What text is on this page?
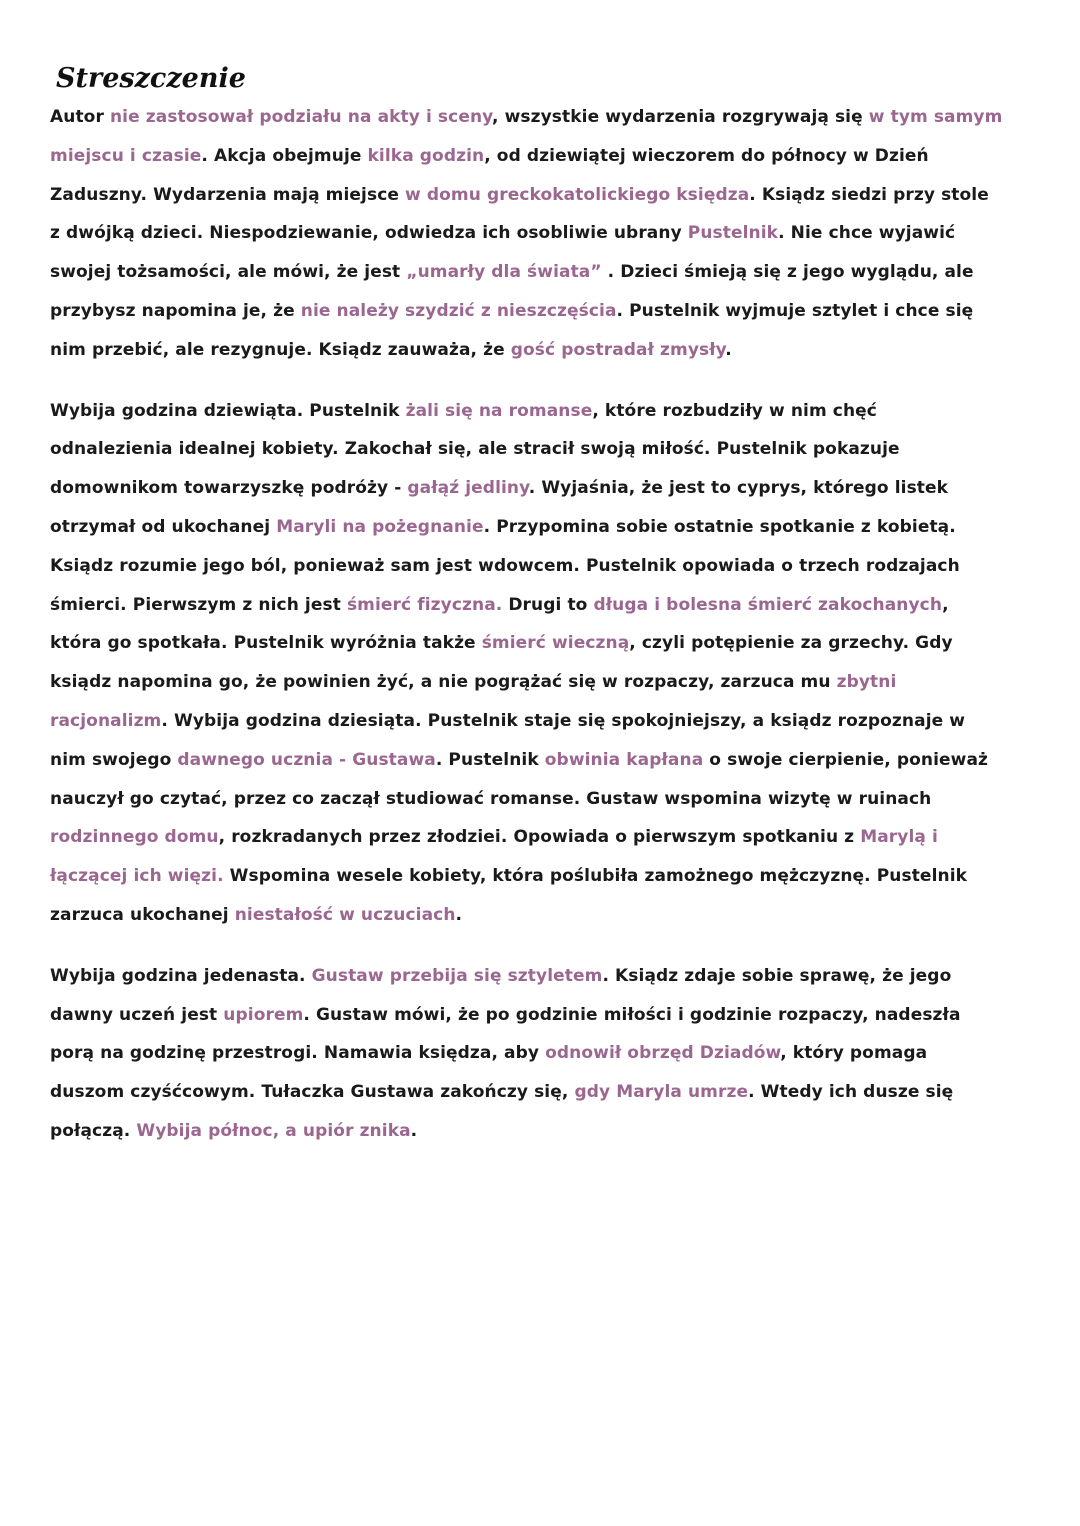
Streszczenie

Autor nie zastosował podziału na akty i sceny, wszystkie wydarzenia rozgrywają się w tym samym
miejscu i czasie. Akcja obejmuje kilka godzin, od dziewiątej wieczorem do północy w Dzień
Zaduszny. Wydarzenia mają miejsce w domu greckokatolickiego księdza. Ksiądz siedzi przy stole
z dwójką dzieci. Niespodziewanie, odwiedza ich osobliwie ubrany Pustelnik. Nie chce wyjawić
swojej tożsamości, ale mówi, że jest „umarły dla świata” . Dzieci śmieją się z jego wyglądu, ale
przybysz napomina je, że nie należy szydzić z nieszczęścia. Pustelnik wyjmuje sztylet i chce się
nim przebić, ale rezygnuje. Ksiądz zauważa, że gość postradał zmysły.

Wybija godzina dziewiąta. Pustelnik żali się na romanse, które rozbudziły w nim chęć
odnalezienia idealnej kobiety. Zakochał się, ale stracił swoją miłość. Pustelnik pokazuje
domownikom towarzyszkę podróży - gałąź jedliny. Wyjaśnia, że jest to cyprys, którego listek
otrzymał od ukochanej Maryli na pożegnanie. Przypomina sobie ostatnie spotkanie z kobietą.
Ksiądz rozumie jego ból, ponieważ sam jest wdowcem. Pustelnik opowiada o trzech rodzajach
śmierci. Pierwszym z nich jest śmierć fizyczna. Drugi to długa i bolesna śmierć zakochanych,
która go spotkała. Pustelnik wyróżnia także śmierć wieczną, czyli potępienie za grzechy. Gdy
ksiądz napomina go, że powinien żyć, a nie pogrążać się w rozpaczy, zarzuca mu zbytni
racjonalizm. Wybija godzina dziesiąta. Pustelnik staje się spokojniejszy, a ksiądz rozpoznaje w
nim swojego dawnego ucznia - Gustawa. Pustelnik obwinia kapłana o swoje cierpienie, ponieważ
nauczył go czytać, przez co zaczął studiować romanse. Gustaw wspomina wizytę w ruinach
rodzinnego domu, rozkradanych przez złodziei. Opowiada o pierwszym spotkaniu z Marylą i
łączącej ich więzi. Wspomina wesele kobiety, która poślubiła zamożnego mężczyznę. Pustelnik
zarzuca ukochanej niestałość w uczuciach.

Wybija godzina jedenasta. Gustaw przebija się sztyletem. Ksiądz zdaje sobie sprawę, że jego
dawny uczeń jest upiorem. Gustaw mówi, że po godzinie miłości i godzinie rozpaczy, nadeszła
porą na godzinę przestrogi. Namawia księdza, aby odnowił obrzęd Dziadów, który pomaga
duszom czyśćcowym. Tułaczka Gustawa zakończy się, gdy Maryla umrze. Wtedy ich dusze się
połączą. Wybija północ, a upiór znika.
